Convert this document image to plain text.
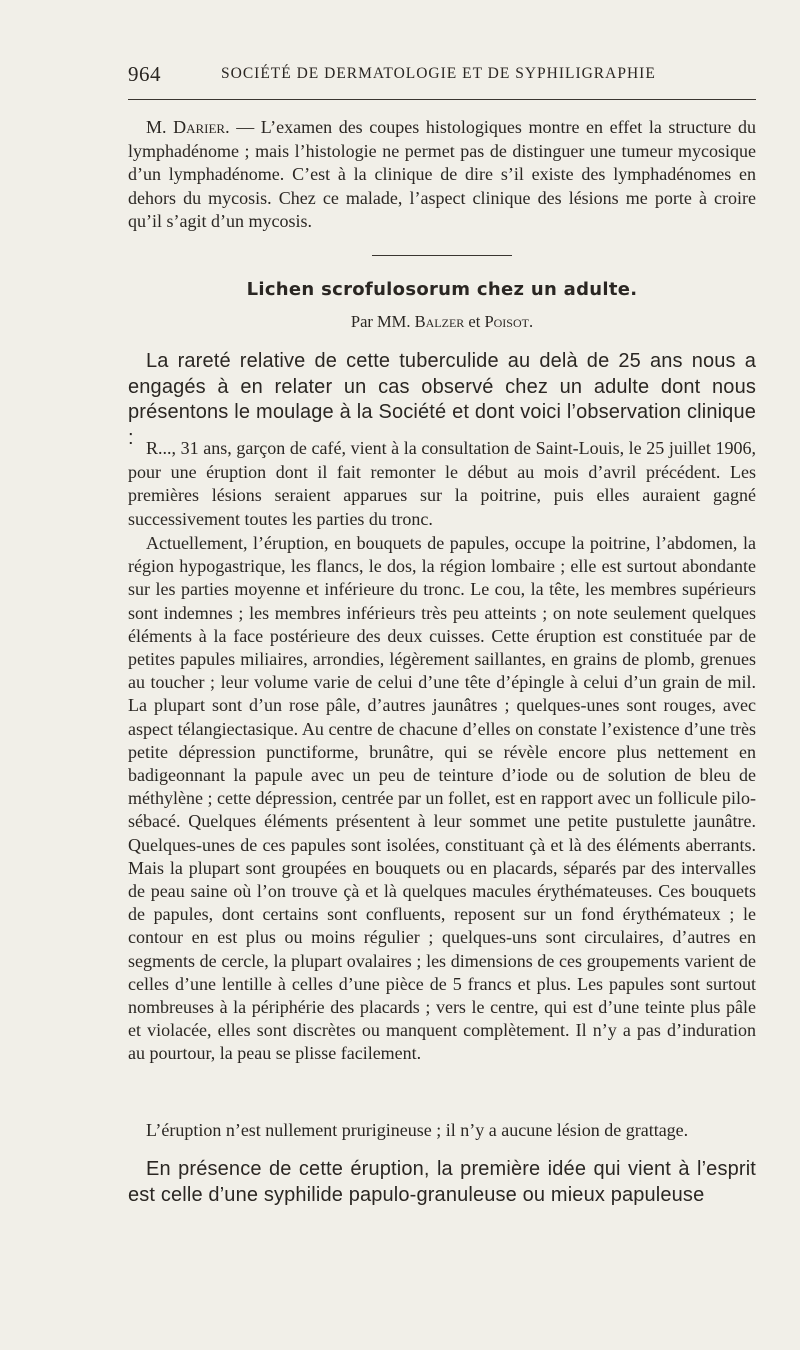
964	SOCIÉTÉ DE DERMATOLOGIE ET DE SYPHILIGRAPHIE

M. Darier. — L’examen des coupes histologiques montre en effet la structure du lymphadénome ; mais l’histologie ne permet pas de distinguer une tumeur mycosique d’un lymphadénome. C’est à la clinique de dire s’il existe des lymphadénomes en dehors du mycosis. Chez ce malade, l’aspect clinique des lésions me porte à croire qu’il s’agit d’un mycosis.

Lichen scrofulosorum chez un adulte.

Par MM. Balzer et Poisot.

La rareté relative de cette tuberculide au delà de 25 ans nous a engagés à en relater un cas observé chez un adulte dont nous présentons le moulage à la Société et dont voici l’observation clinique : R..., 31 ans, garçon de café, vient à la consultation de Saint-Louis, le 25 juillet 1906, pour une éruption dont il fait remonter le début au mois d’avril précédent. Les premières lésions seraient apparues sur la poitrine, puis elles auraient gagné successivement toutes les parties du tronc.

Actuellement, l’éruption, en bouquets de papules, occupe la poitrine, l’abdomen, la région hypogastrique, les flancs, le dos, la région lombaire ; elle est surtout abondante sur les parties moyenne et inférieure du tronc. Le cou, la tête, les membres supérieurs sont indemnes ; les membres inférieurs très peu atteints ; on note seulement quelques éléments à la face postérieure des deux cuisses. Cette éruption est constituée par de petites papules miliaires, arrondies, légèrement saillantes, en grains de plomb, grenues au toucher ; leur volume varie de celui d’une tête d’épingle à celui d’un grain de mil. La plupart sont d’un rose pâle, d’autres jaunâtres ; quelques-unes sont rouges, avec aspect télangiectasique. Au centre de chacune d’elles on constate l’existence d’une très petite dépression punctiforme, brunâtre, qui se révèle encore plus nettement en badigeonnant la papule avec un peu de teinture d’iode ou de solution de bleu de méthylène ; cette dépression, centrée par un follet, est en rapport avec un follicule pilo-sébacé. Quelques éléments présentent à leur sommet une petite pustulette jaunâtre. Quelques-unes de ces papules sont isolées, constituant çà et là des éléments aberrants. Mais la plupart sont groupées en bouquets ou en placards, séparés par des intervalles de peau saine où l’on trouve çà et là quelques macules érythémateuses. Ces bouquets de papules, dont certains sont confluents, reposent sur un fond érythémateux ; le contour en est plus ou moins régulier ; quelques-uns sont circulaires, d’autres en segments de cercle, la plupart ovalaires ; les dimensions de ces groupements varient de celles d’une lentille à celles d’une pièce de 5 francs et plus. Les papules sont surtout nombreuses à la périphérie des placards ; vers le centre, qui est d’une teinte plus pâle et violacée, elles sont discrètes ou manquent complètement. Il n’y a pas d’induration au pourtour, la peau se plisse facilement.

L’éruption n’est nullement prurigineuse ; il n’y a aucune lésion de grattage.

En présence de cette éruption, la première idée qui vient à l’esprit est celle d’une syphilide papulo-granuleuse ou mieux papuleuse
